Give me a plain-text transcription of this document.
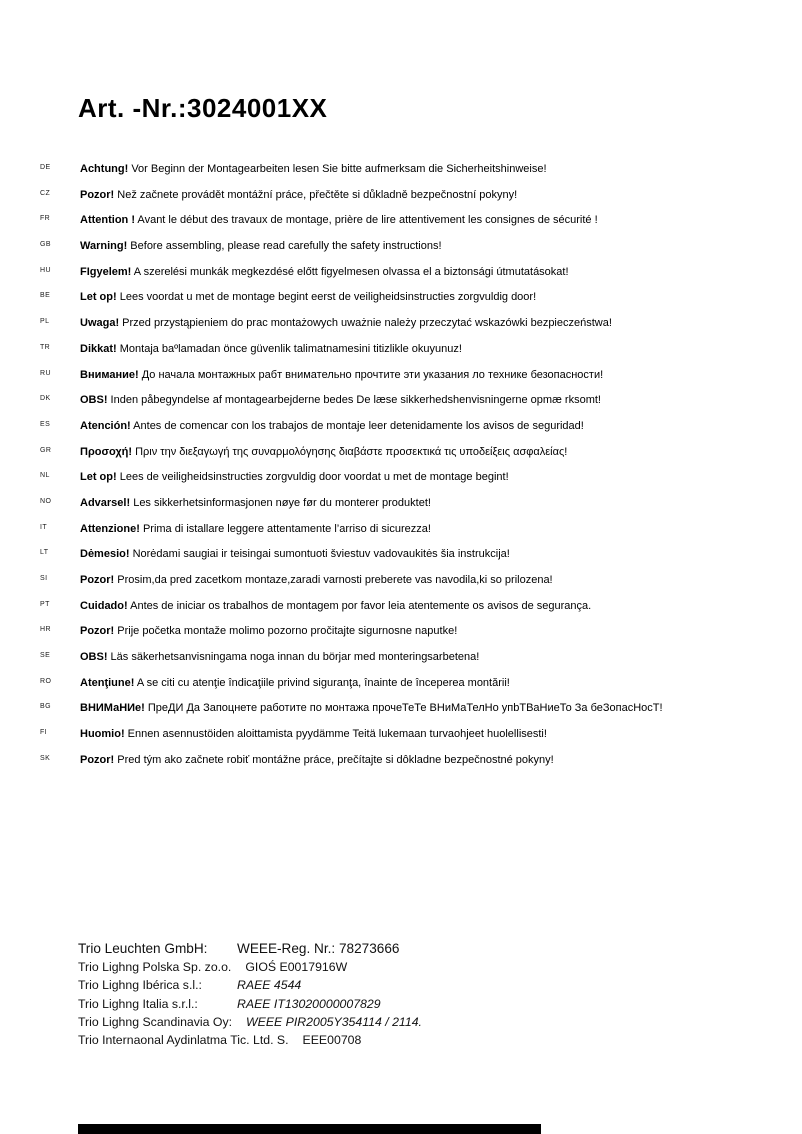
Art. -Nr.:3024001XX
DE	Achtung! Vor Beginn der Montagearbeiten lesen Sie bitte aufmerksam die Sicherheitshinweise!
CZ	Pozor! Než začnete provádět montážní práce, přečtěte si důkladně bezpečnostní pokyny!
FR	Attention ! Avant le début des travaux de montage, prière de lire attentivement les consignes de sécurité !
GB	Warning! Before assembling, please read carefully the safety instructions!
HU	FIgyelem! A szerelési munkák megkezdésé előtt figyelmesen olvassa el a biztonsági útmutatásokat!
BE	Let op! Lees voordat u met de montage begint eerst de veiligheidsinstructies zorgvuldig door!
PL	Uwaga! Przed przystąpieniem do prac montażowych uważnie należy przeczytać wskazówki bezpieczeństwa!
TR	Dikkat! Montaja baºlamadan önce güvenlik talimatnamesini titizlikle okuyunuz!
RU	Внимание! До начала монтажных рабт внимательно прочтите эти указания ло технике безопасности!
DK	OBS! Inden påbegyndelse af montagearbejderne bedes De læse sikkerhedshenvisningerne opmæ rksomt!
ES	Atención! Antes de comencar con los trabajos de montaje leer detenidamente los avisos de seguridad!
GR	Προσοχή! Πριν την διεξαγωγή της συναρμολόγησης διαβάστε προσεκτικά τις υποδείξεις ασφαλείας!
NL	Let op! Lees de veiligheidsinstructies zorgvuldig door voordat u met de montage begint!
NO	Advarsel! Les sikkerhetsinformasjonen nøye før du monterer produktet!
IT	Attenzione! Prima di istallare leggere attentamente l’arriso di sicurezza!
LT	Dėmesio! Norėdami saugiai ir teisingai sumontuoti šviestuv vadovaukitės šia instrukcija!
SI	Pozor! Prosim,da pred zacetkom montaze,zaradi varnosti preberete vas navodila,ki so prilozena!
PT	Cuidado! Antes de iniciar os trabalhos de montagem por favor leia atentemente os avisos de segurança.
HR	Pozor! Prije početka montaže molimo pozorno pročitajte sigurnosne naputke!
SE	OBS! Läs säkerhetsanvisningama noga innan du börjar med monteringsarbetena!
RO	Atenţiune! A se citi cu atenţie îndicaţiile privind siguranţa, înainte de începerea montării!
BG	ВНИМаНИе! ПреДИ Да Запоцнете работите по монтажа прочеТеТе ВНиМаТелНо упbТВаНиеТо За беЗопасНосТ!
FI	Huomio! Ennen asennustöiden aloittamista pyydämme Teitä lukemaan turvaohjeet huolellisesti!
SK	Pozor! Pred tým ako začnete robiť montážne práce, prečítajte si dôkladne bezpečnostné pokyny!
Trio Leuchten GmbH:	WEEE-Reg. Nr.: 78273666
Trio Lighng Polska Sp. zo.o. GIOŚ E0017916W
Trio Lighng Ibérica s.l.:	RAEE 4544
Trio Lighng Italia s.r.l.:	RAEE IT13020000007829
Trio Lighng Scandinavia Oy: WEEE PIR2005Y354114 / 2114.
Trio Internaonal Aydinlatma Tic. Ltd. S. EEE00708
